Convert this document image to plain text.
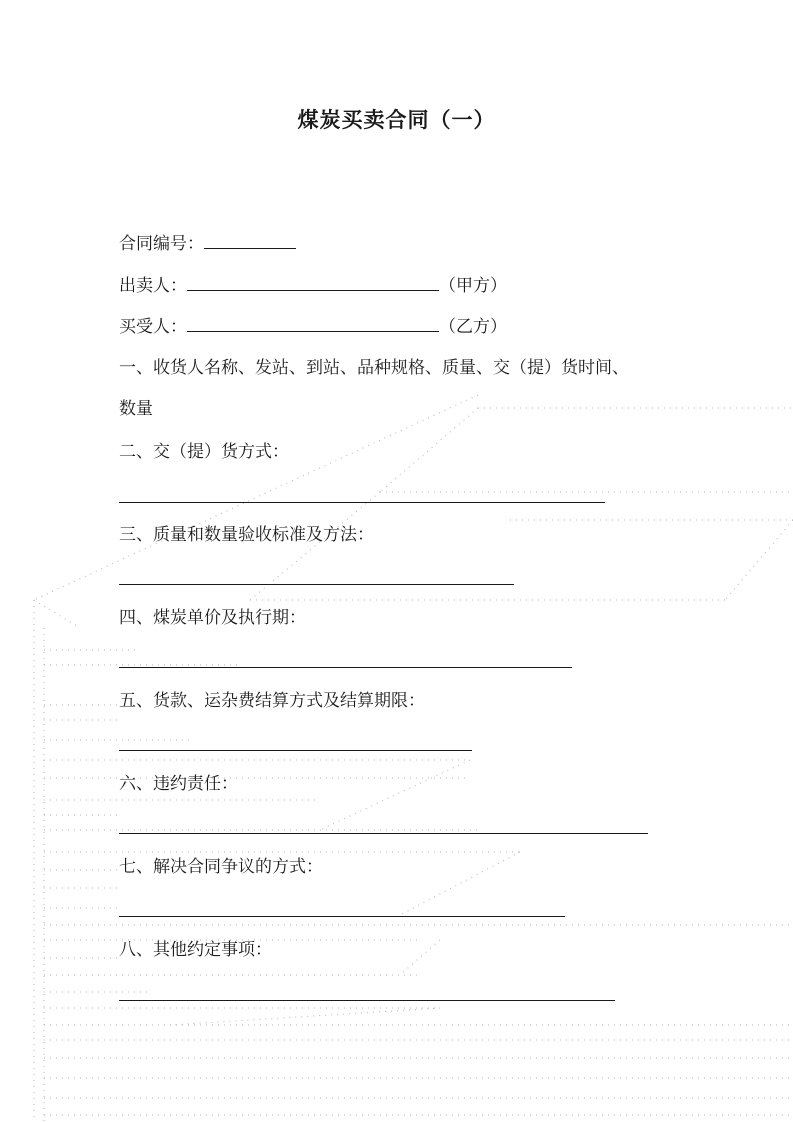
煤炭买卖合同（一）
合同编号：
出卖人：	（甲方）
买受人：	（乙方）
一、收货人名称、发站、到站、品种规格、质量、交（提）货时间、
数量
二、交（提）货方式：
三、质量和数量验收标准及方法：
四、煤炭单价及执行期：
五、货款、运杂费结算方式及结算期限：
六、违约责任：
七、解决合同争议的方式：
八、其他约定事项：
